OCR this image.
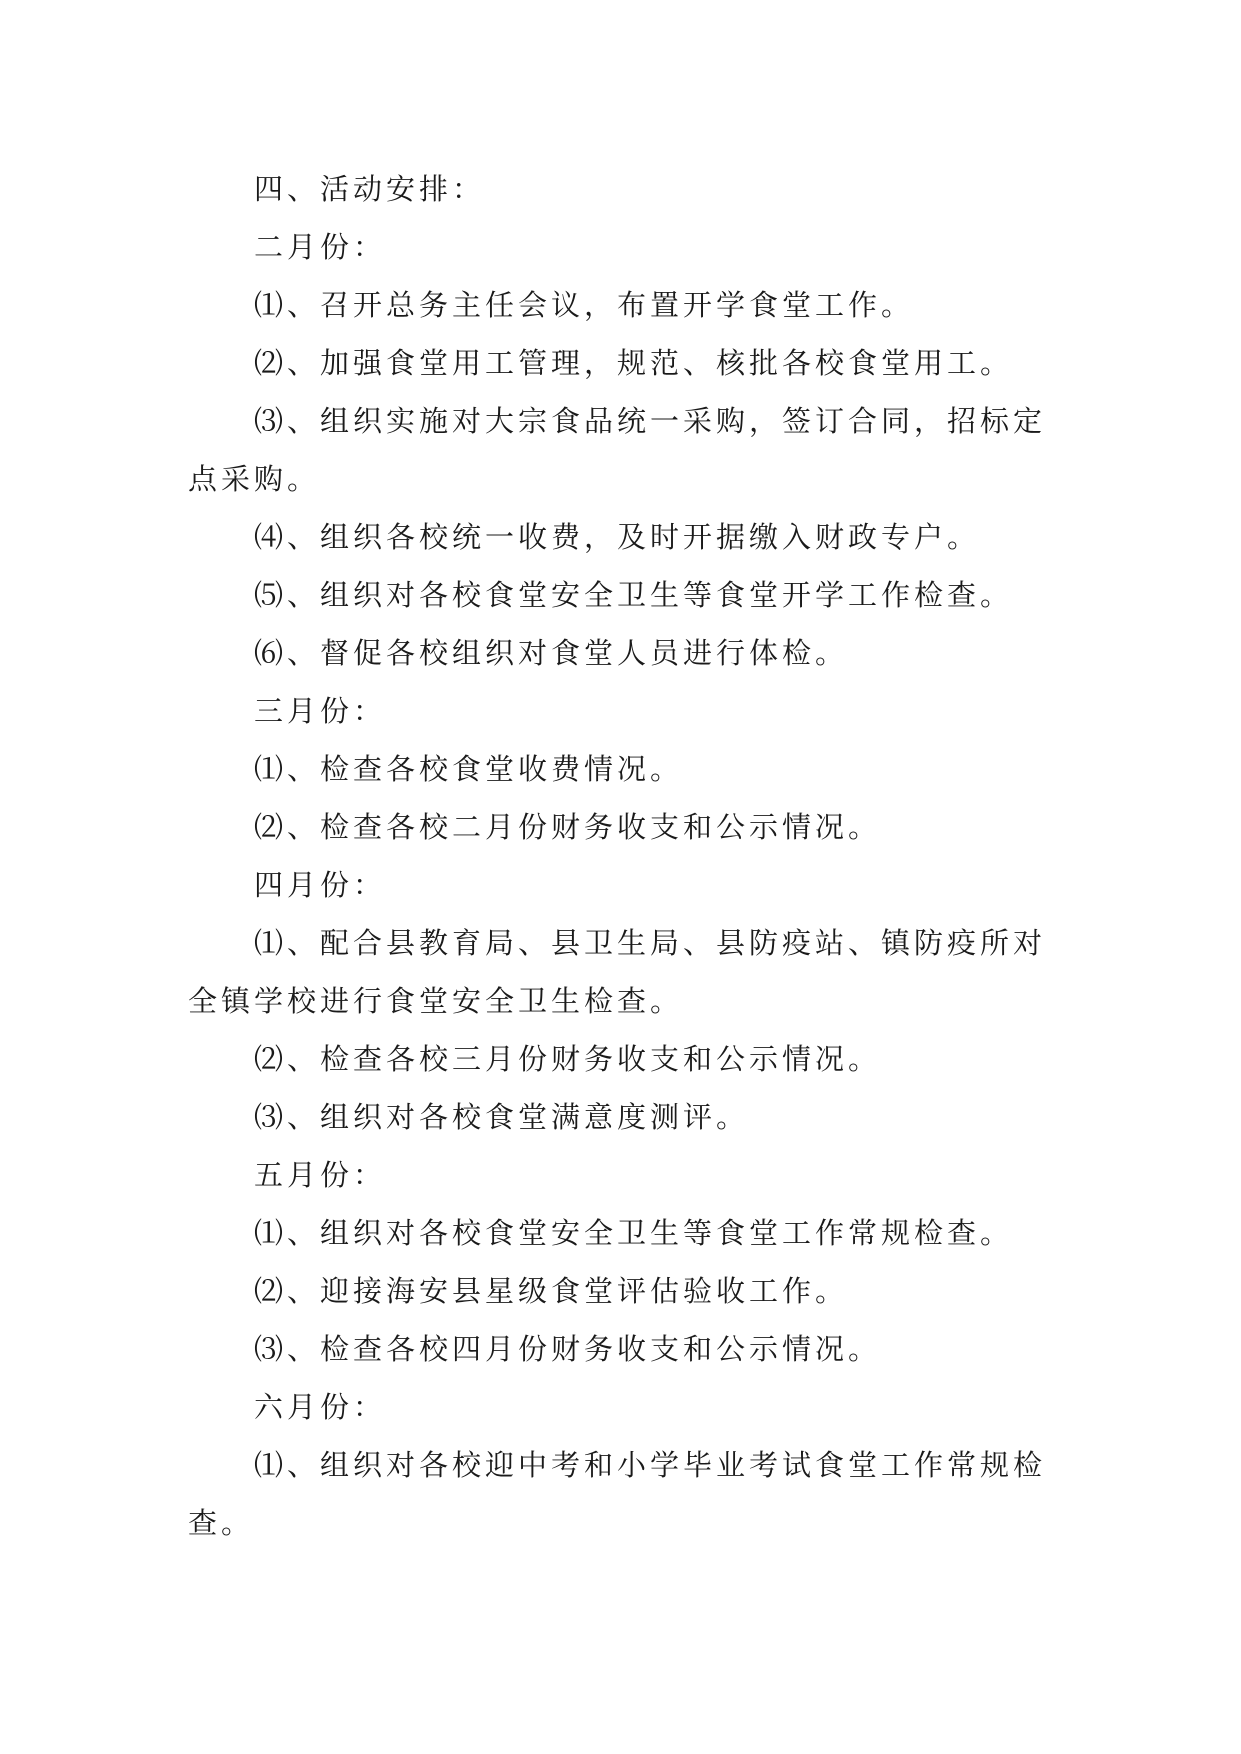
四、活动安排：
二月份：
⑴、召开总务主任会议，布置开学食堂工作。
⑵、加强食堂用工管理，规范、核批各校食堂用工。
⑶、组织实施对大宗食品统一采购，签订合同，招标定
点采购。
⑷、组织各校统一收费，及时开据缴入财政专户。
⑸、组织对各校食堂安全卫生等食堂开学工作检查。
⑹、督促各校组织对食堂人员进行体检。
三月份：
⑴、检查各校食堂收费情况。
⑵、检查各校二月份财务收支和公示情况。
四月份：
⑴、配合县教育局、县卫生局、县防疫站、镇防疫所对
全镇学校进行食堂安全卫生检查。
⑵、检查各校三月份财务收支和公示情况。
⑶、组织对各校食堂满意度测评。
五月份：
⑴、组织对各校食堂安全卫生等食堂工作常规检查。
⑵、迎接海安县星级食堂评估验收工作。
⑶、检查各校四月份财务收支和公示情况。
六月份：
⑴、组织对各校迎中考和小学毕业考试食堂工作常规检
查。
